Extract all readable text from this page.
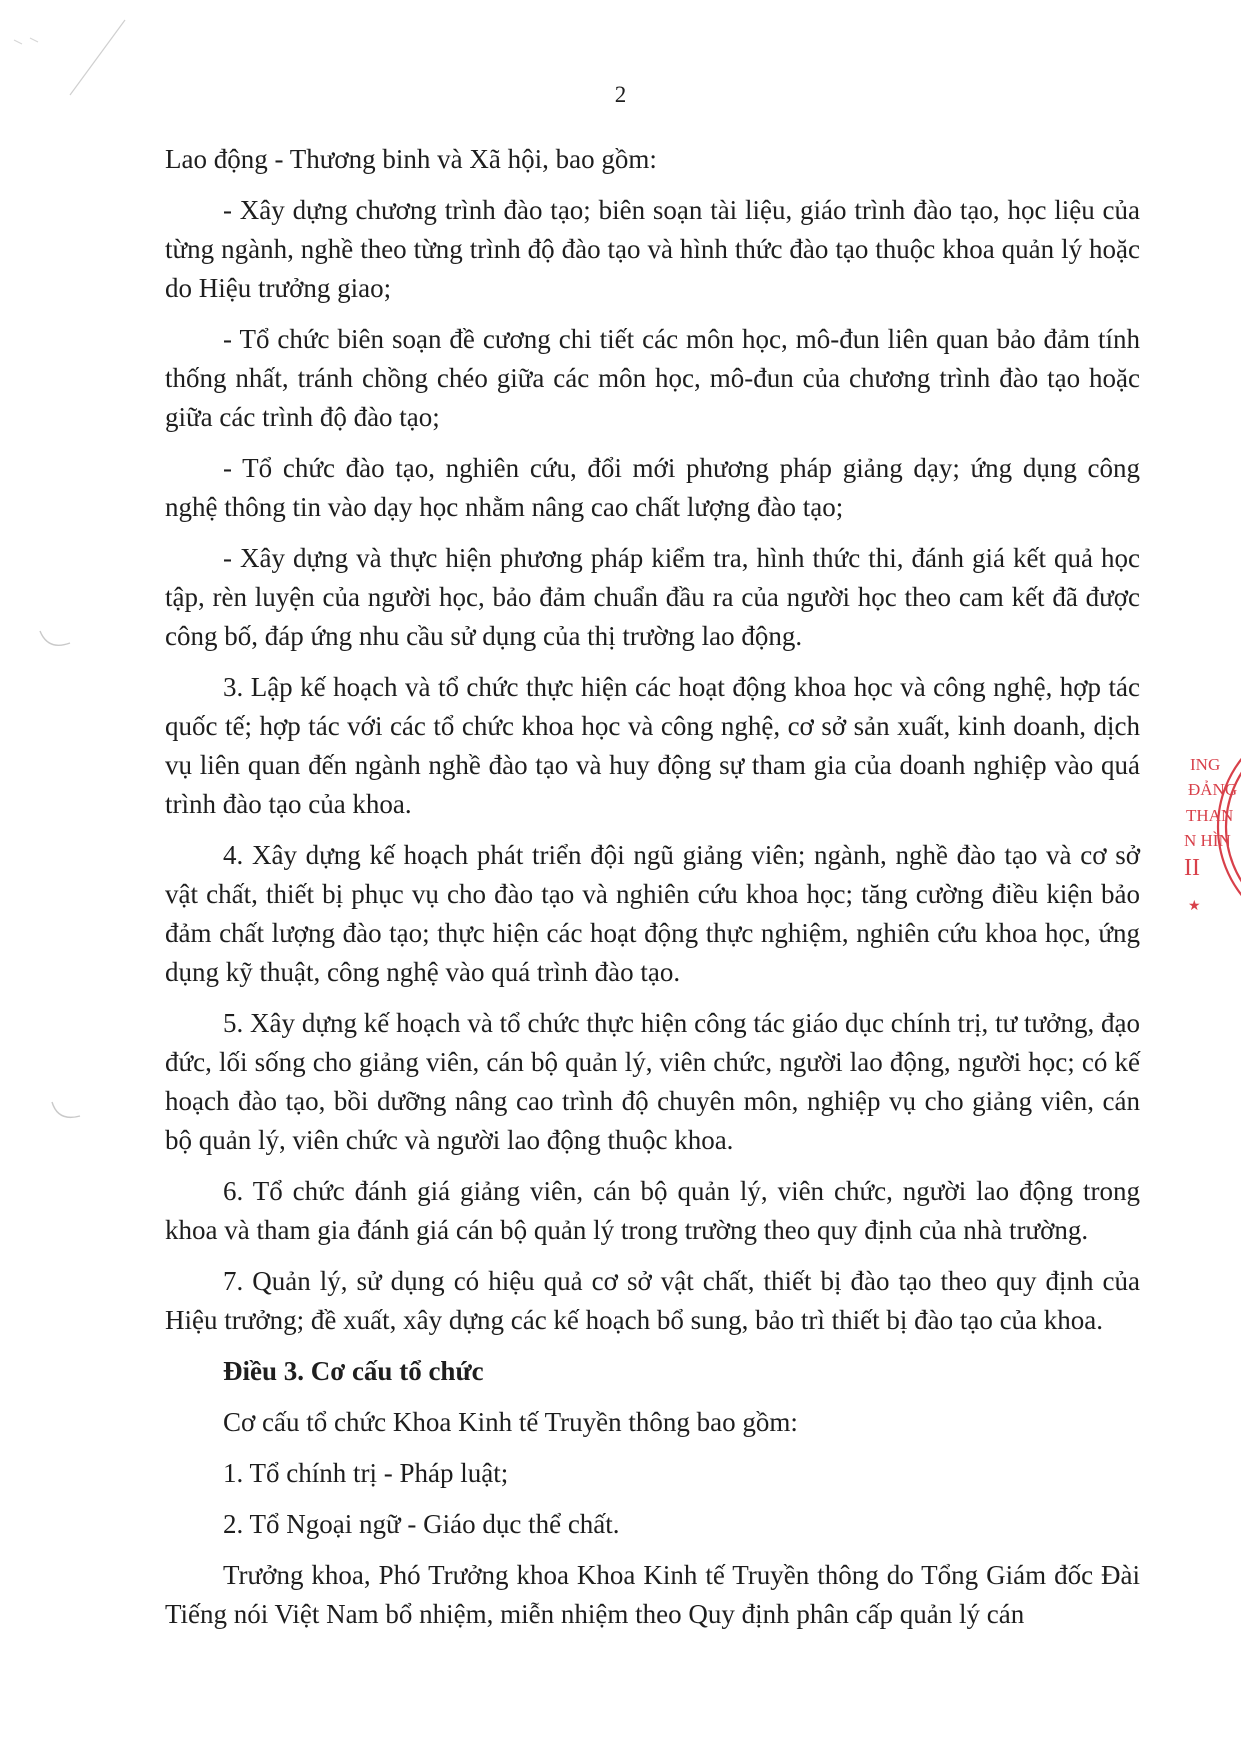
2

Lao động - Thương binh và Xã hội, bao gồm:

- Xây dựng chương trình đào tạo; biên soạn tài liệu, giáo trình đào tạo, học liệu của từng ngành, nghề theo từng trình độ đào tạo và hình thức đào tạo thuộc khoa quản lý hoặc do Hiệu trưởng giao;

- Tổ chức biên soạn đề cương chi tiết các môn học, mô-đun liên quan bảo đảm tính thống nhất, tránh chồng chéo giữa các môn học, mô-đun của chương trình đào tạo hoặc giữa các trình độ đào tạo;

- Tổ chức đào tạo, nghiên cứu, đổi mới phương pháp giảng dạy; ứng dụng công nghệ thông tin vào dạy học nhằm nâng cao chất lượng đào tạo;

- Xây dựng và thực hiện phương pháp kiểm tra, hình thức thi, đánh giá kết quả học tập, rèn luyện của người học, bảo đảm chuẩn đầu ra của người học theo cam kết đã được công bố, đáp ứng nhu cầu sử dụng của thị trường lao động.

3. Lập kế hoạch và tổ chức thực hiện các hoạt động khoa học và công nghệ, hợp tác quốc tế; hợp tác với các tổ chức khoa học và công nghệ, cơ sở sản xuất, kinh doanh, dịch vụ liên quan đến ngành nghề đào tạo và huy động sự tham gia của doanh nghiệp vào quá trình đào tạo của khoa.

4. Xây dựng kế hoạch phát triển đội ngũ giảng viên; ngành, nghề đào tạo và cơ sở vật chất, thiết bị phục vụ cho đào tạo và nghiên cứu khoa học; tăng cường điều kiện bảo đảm chất lượng đào tạo; thực hiện các hoạt động thực nghiệm, nghiên cứu khoa học, ứng dụng kỹ thuật, công nghệ vào quá trình đào tạo.

5. Xây dựng kế hoạch và tổ chức thực hiện công tác giáo dục chính trị, tư tưởng, đạo đức, lối sống cho giảng viên, cán bộ quản lý, viên chức, người lao động, người học; có kế hoạch đào tạo, bồi dưỡng nâng cao trình độ chuyên môn, nghiệp vụ cho giảng viên, cán bộ quản lý, viên chức và người lao động thuộc khoa.

6. Tổ chức đánh giá giảng viên, cán bộ quản lý, viên chức, người lao động trong khoa và tham gia đánh giá cán bộ quản lý trong trường theo quy định của nhà trường.

7. Quản lý, sử dụng có hiệu quả cơ sở vật chất, thiết bị đào tạo theo quy định của Hiệu trưởng; đề xuất, xây dựng các kế hoạch bổ sung, bảo trì thiết bị đào tạo của khoa.

Điều 3. Cơ cấu tổ chức

Cơ cấu tổ chức Khoa Kinh tế Truyền thông bao gồm:

1. Tổ chính trị - Pháp luật;

2. Tổ Ngoại ngữ - Giáo dục thể chất.

Trưởng khoa, Phó Trưởng khoa Khoa Kinh tế Truyền thông do Tổng Giám đốc Đài Tiếng nói Việt Nam bổ nhiệm, miễn nhiệm theo Quy định phân cấp quản lý cán

ING
ĐẢNG
THAN
N HÌN
II
★
